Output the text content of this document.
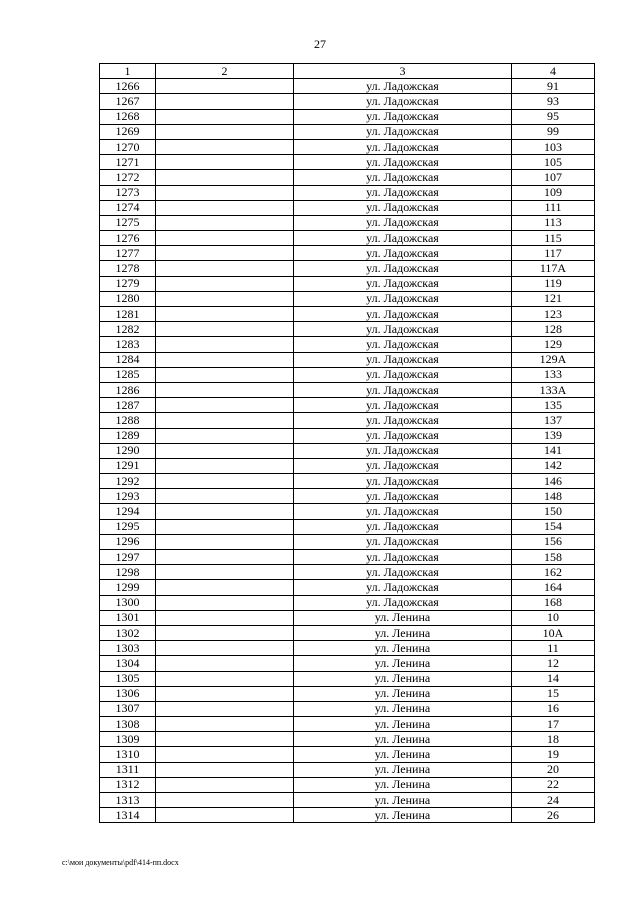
27
1	2	3	4
1266		ул. Ладожская	91
1267		ул. Ладожская	93
1268		ул. Ладожская	95
1269		ул. Ладожская	99
1270		ул. Ладожская	103
1271		ул. Ладожская	105
1272		ул. Ладожская	107
1273		ул. Ладожская	109
1274		ул. Ладожская	111
1275		ул. Ладожская	113
1276		ул. Ладожская	115
1277		ул. Ладожская	117
1278		ул. Ладожская	117А
1279		ул. Ладожская	119
1280		ул. Ладожская	121
1281		ул. Ладожская	123
1282		ул. Ладожская	128
1283		ул. Ладожская	129
1284		ул. Ладожская	129А
1285		ул. Ладожская	133
1286		ул. Ладожская	133А
1287		ул. Ладожская	135
1288		ул. Ладожская	137
1289		ул. Ладожская	139
1290		ул. Ладожская	141
1291		ул. Ладожская	142
1292		ул. Ладожская	146
1293		ул. Ладожская	148
1294		ул. Ладожская	150
1295		ул. Ладожская	154
1296		ул. Ладожская	156
1297		ул. Ладожская	158
1298		ул. Ладожская	162
1299		ул. Ладожская	164
1300		ул. Ладожская	168
1301		ул. Ленина	10
1302		ул. Ленина	10А
1303		ул. Ленина	11
1304		ул. Ленина	12
1305		ул. Ленина	14
1306		ул. Ленина	15
1307		ул. Ленина	16
1308		ул. Ленина	17
1309		ул. Ленина	18
1310		ул. Ленина	19
1311		ул. Ленина	20
1312		ул. Ленина	22
1313		ул. Ленина	24
1314		ул. Ленина	26
c:\мои документы\pdf\414-пп.docx
